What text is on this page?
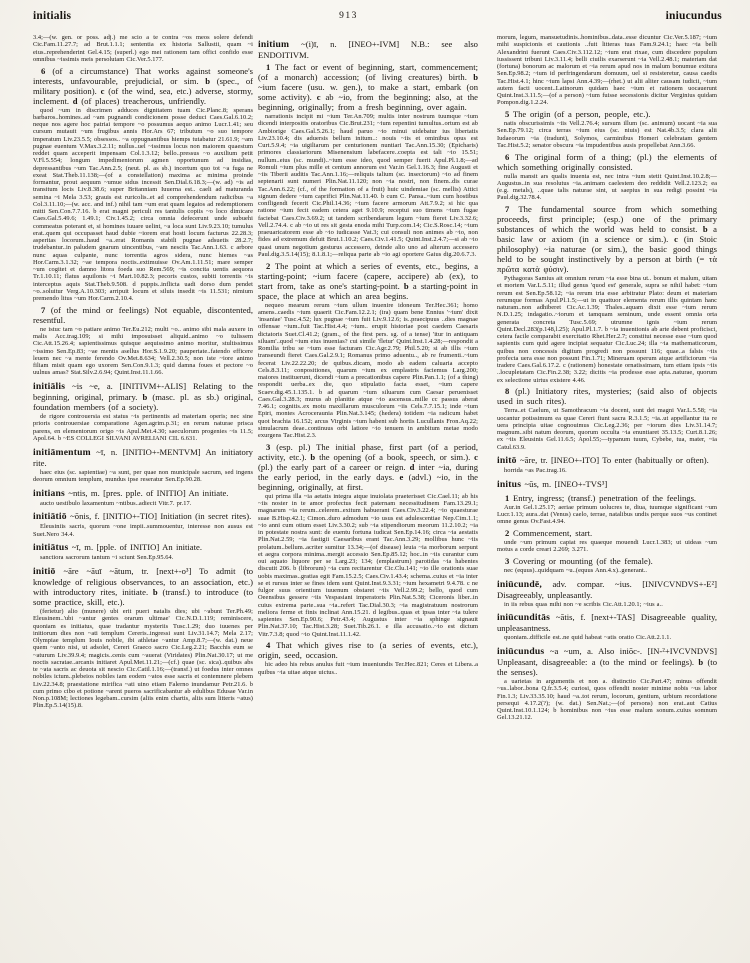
initialis	913	iniucundus

3.4;—(w. gen. or poss. adj.) me scio a te contra ~os meos solere defendi Cic.Fam.11.27.7; ad Brut.1.1.1; sententia ex historia Sallustii, quam ~i eius..reprehenderint Gel.4.15; (superl.) ego mei rationem tam offici confido esse omnibus ~issimis meis persolutam Cic.Ver.5.177.

6 (of a circumstance) That works against someone's interests, unfavourable, prejudicial, or sim. b (spec., of military position). c (of the wind, sea, etc.) adverse, stormy, inclement. d (of places) treacherous, unfriendly.

quod ~um in discrimen adduces dignitatem tuam Cic.Planc.8; sperans barbaros..homines..ad ~am pugnandi condicionem posse deduci Caes.Gal.6.10.2; neque nos agere hoc patriai tempore ~o possumus aequo animo Lucr.1.41; seu cursum mutauit ~um frugibus annis Hor.Ars 67; tributum ~o suo tempore imperatum Liv.23.5.5; obsessos.. ~a oppugnantibus hiemps tutabatur 21.61.9; ~am pugnae euentum V.Max.3.2.11; nullus..uel ~issimus locus non maiorem quaestum reddet quam acceperit impensam Col.1.3.12; bello..pressus ~o auxilium petit V.Fl.5.554; longum impedimentorum agmen opportunum ad insidias, depressantibus ~um Tac.Ann.2.5; (neut. pl. as sb.) incertum quo tot ~a fuga ne exeat Stat.Theb.11.138;—(of a constellation) maxima ac minima proinde formantur, prout aequum ~umue sidus incessit Sen.Dial.6.18.3;—(w. ad) ~is ad transitum locis Liv.8.38.6; super Britanniam Iuuerna est.. caeli ad maturanda semina ~i Mela 3.53; grauis est ruricolis..et ad comprehendendum radicibus ~a Col.3.11.10;—(w. acc. and inf.) nihil tam ~um erat quam legatos ad redemptionem mitti Sen.Con.7.7.16. b erat magni periculi res tantulis copiis ~o loco dimicare Caes.Gal.5.49.6; 1.49.1; Civ.1.45.2; circa omnia defecerunt unde subuehi commeatus poterant et, si homines iuuare uelint, ~a loca sunt Liv.9.23.10; tumulus erat..quem qui occupasset haud dubie ~iorem erat hosti locum facturus 22.28.3; asperitas locorum..haud ~a..erat Romanis stabili pugnae adsuetis 28.2.7; trudebantur..in paludem gnarum uincentibus, ~am nesciis Tac.Ann.1.63. c arbore nunc aquas culpante, nunc torrentia agros sidera, nunc hiemes ~as Hor.Carm.3.1.32; ~ae tempora noctis..extimuisse Ov.Am.1.11.51; mare semper ~um cogitet et damno litora foeda suo Rem.569; ~is concita uentis aequora Tr.1.10.11; flatus aquilonis ~i Mart.10.82.3; pecoris custos, subiti torrentis ~is interceptus aquis Stat.Theb.9.508. d puppis..inflicta uadi dorso dum pendet ~o..soluitur Verg.A.10.303; arripuit locum et siluis insedit ~is 11.531; nimium premendo litus ~um Hor.Carm.2.10.4.

7 (of the mind or feelings) Not equable, discontented, resentful.

ne istuc tam ~o patiare animo Ter.Eu.212; multi ~o.. animo sibi mala auxere in malis Acc.trag.109; si mihi imposuisset aliquid..animo ~o tulissem Cic.Att.15.26.4; sapientissimus quisque aequissimo animo moritur, stultissimus ~issimo Sen.Ep.83; ~ae mentis asellus Hor.S.1.9.20; paupertate..fatendo efficere leuem nec ~a mente ferendo Ov.Met.8.634; Vell.2.30.5; non iste ~iore animo filiam misit quam ego uxorem Sen.Con.9.1.3; quid damna foues et pectore ~o uulnus amas? Stat.Silv.2.6.94; Quint.Inst.11.1.66.

initiālis ~is ~e, a. [INITIVM+-ALIS] Relating to the beginning, original, primary. b (masc. pl. as sb.) original, foundation members (of a society).

de rigore controuersia est status ~is pertinentis ad materiam operis; nec sine prioris controuersiae comparatione Agen.agrim.p.31; en rerum naturae prisca parens, en elementorum origo ~is Apul.Met.4.30; saeculorum progenies ~is 11.5; Apol.64. b ~ES COLLEGI SILVANI AVRELIANI CIL 6.631.

initiāmentum ~ī, n. [INITIO+-MENTVM] An initiatory rite.

haec eius (sc. sapientiae) ~a sunt, per quae non municipale sacrum, sed ingens deorum omnium templum, mundus ipse reseratur Sen.Ep.90.28.

initians ~ntis, m. [pres. pple. of INITIO] An initiate.

aucto uestibulo laxamentum ~ntibus..adiecit Vitr.7. pr.17.

initiātiō ~ōnis, f. [INITIO+-TIO] Initiation (in secret rites).

Eleusiniis sacris, quorum ~one impii..summouentur, interesse non ausus est Suet.Nero 34.4.

initiātus ~ī, m. [pple. of INITIO] An initiate.

sanctiora sacrorum tantum ~i sciunt Sen.Ep.95.64.

initiō ~āre ~āuī ~ātum, tr. [next+-o³] To admit (to knowledge of religious observances, to an association, etc.) with introductory rites, initiate. b (transf.) to introduce (to some practice, skill, etc.).

(ferietur) alio (munere) ubi erit pueri natalis dies; ubi ~abunt Ter.Ph.49; Eleusinem..'ubi ~antur gentes orarum ultimae' Cic.N.D.1.119; reminiscere, quoniam es initiatus, quae tradantur mysteriis Tusc.1.29; duo iuuenes per initiorum dies non ~ati templum Cereris..ingressi sunt Liv.31.14.7; Mela 2.17; Olympiae templum Iouis nobile, ibi athletae ~antur Amp.8.7;—(w. dat.) neue quem ~anto nisi, ut adsolet, Cereri Graeco sacro Cic.Leg.2.21; Bacchis eum se ~aturum Liv.39.9.4; magicis..cenis cum ~auerat (Viridates) Plin.Nat.30.17; ut me noctis sacratae..arcanis initiaret Apul.Met.11.21;—(cf.) quae (sc. sica)..quibus abs te ~ata sacris ac deuota sit nescio Cic.Catil.1.16;—(transf.) ut foedus inter omnes nobiles ictum..plebeios nobiles iam eodem ~atos esse sacris et contemnere plebem Liv.22.34.8; praestatione mirifica ~ati uino etiam Falerno inundamur Petr.21.6. b cum primo cibo et potione ~arent pueros sacrificabantur ab edulibus Edusae Var.in Non.p.108M; lectiones legebam..cursim (aliis enim chartis, aliis sum litteris ~atus) Plin.Ep.5.14(15).8.

initium ~(i)ī, n. [INEO+-IVM] N.B.: see also ENDOITIVM.

1 The fact or event of beginning, start, commencement; (of a monarch) accession; (of living creatures) birth. b ~ium facere (usu. w. gen.), to make a start, embark (on some activity). c ab ~io, from the beginning; also, at the beginning, originally; from a fresh beginning, over again.

narrationis incipit mi ~ium Ter.An.709; multis inter nostrum tuumque ~ium dicendi interpositis oratoribus Cic.Brut.231; ~ium repentini tumultus..ortum est ab Ambiorige Caes.Gal.5.26.1; haud paruo ~io minui uidebatur ius libertatis Liv.23.10.4; dis aduersis bellum initum..: nouis ~iis et ominibus opus est Curt.5.9.4; ~ia uigiliarum per centurionem nuntiari Tac.Ann.15.30; (Epicharis) primores classiariorum Misenensium labefacere..coepta est tali ~io 15.51; nullum..eius (sc. mundi)..~ium esse ideo, quod semper fuerit Apul.Pl.1.8;—ad Romuli ~ium plus mille et centum annorum est Var.in Gel.1.16.3; fine Augusti et ~iis Tiberii auditis Tac.Ann.1.16;—reliquis talium (sc. insectorum) ~io ad finem septenarii sunt numeri Plin.Nat.11.120; non ~ia nostri, non finem..dis curae Tac.Ann.6.22; (cf., of the formation of a fruit) huic uindemiae (sc. mellis) Attici signum dedere ~ium caprifici Plin.Nat.11.40. b cum C. Pansa..~ium cum hostibus confligendi fecerit Cic.Phil.14.36; ~ium facere armorum Att.7.9.2; si hic qua ratione ~ium fecit eadem cetera aget 9.10.9; receptui suo timens ~ium fugae faciebat Caes.Civ.3.69.2; ut tandem scribendarum legum ~ium fieret Liv.3.32.6; Vell.2.74.4. c ab ~io ut res sit gesta enoda mihi Turp.com.14; Cic.S.Rosc.14; ~ium praeuaricatorem esse ab ~io iudicasse Vat.3; cui consuli non animes ab ~io, non fides ad extremum defuit Brut.1.10.2; Caes.Civ.1.41.5; Quint.Inst.2.4.7;—si ab ~io quasi unum negotium gesturus accessero, deinde alio uno ad alterum accessero Paul.dig.3.5.14(15); 8.1.8.1;—reliqua parte ab ~io agi oportere Gaius dig.20.6.7.3.

2 The point at which a series of events, etc., begins, a starting-point; ~ium facere (capere, accipere) ab (ex), to start from, take as one's starting-point. b a starting-point in space, the place at which an area begins.

nequeo mearum rerum ~ium ullum inuenire idoneum Ter.Hec.361; homo amens..caedis ~ium quaerit Cic.Fam.12.2.1; (ira) quam bene Ennius '~ium' dixit 'insaniae' Tusc.4.52; lux pugnae ~ium fuit Liv.9.12.6; is..praecipuus ..dies magnae offensae ~ium..fuit Tac.Hist.4.4; ~ium.. erupit historiae post caedem Caesaris dictatoris Suet.Cl.41.2; (gram., of the first pers. sg. of a tense) 'itur in antiquam siluam'..quod ~ium eius inuenias? cui simile 'fletur' Quint.Inst.1.4.28;—respondit a Romilia tribu se ~ium esse facturam Cic.Agr.2.79; Phil.5.20; si ab illis ~ium transeundi fieret Caes.Gal.2.9.1; Romanus primo aduentu.., ab re frumenti..~ium fecerat Liv.22.22.20; de quibus..dicam, modo ab eadem caluaria accepto Cels.8.3.11; conpositiones, quarum ~ium ex emplastris faciemus Larg.200; maiores instituerunt, dicendi ~ium a precationibus capere Plin.Pan.1.1; (of a thing) respondit uerba..ex die, quo stipulatio facta esset, ~ium capere Scaev.dig.45.1.135.1. b ad quarum ~ium siluarum cum Caesar peruenisset Caes.Gal.3.28.3; murus ab planitie atque ~io ascensus..mille cc passus aberat 7.46.1; cognitis..ex motu maxillarum musculorum ~iis Cels.7.7.15.1; inde ~ium Epiri, montes Acroceraunia Plin.Nat.3.145; (hedera) totidem ~ia radicum habet quot brachia 16.152; arcus Virginis ~ium habent sub hortis Lucullanis Fron.Aq.22; simulacrum deae..continuus orbi latiore ~io tenuem in ambitum metae modo exurgens Tac.Hist.2.3.

3 (esp. pl.) The initial phase, first part (of a period, activity, etc.). b the opening (of a book, speech, or sim.). c (pl.) the early part of a career or reign. d inter ~ia, during the early period, in the early days. e (advl.) ~io, in the beginning, originally, at first.

qui prima illa ~ia aetatis integra atque inuiolata praeterisset Cic.Cael.11; ab his ~iis noster in te amor profectus fecit paternam necessitudinem Fam.13.29.1; magnarum ~ia rerum..celerem..exitum habuerant Caes.Civ.3.22.4; ~io quaesturae suae B.Hisp.42.1; Cimon..duro admodum ~io usus est adulescentiae Nep.Cim.1.1; ~io anni cum otium esset Liv.3.30.2; sub ~ia stipendiorum meorum 11.2.10.2; ~ia in potestate nostra sunt: de euentu fortuna iudicat Sen.Ep.14.16; circa ~ia aestatis Plin.Nat.2.59; ~ia fastigii Caesaribus erant Tac.Ann.3.29; mollibus hunc ~iis prolatum..bellum..acriter sumitur 13.34;—(of disease) leuia ~ia morborum serpunt et aegra corpora minima..mergit accessio Sen.Ep.85.12; hoc..in ~iis curantur cum oui aquato liquore per se Larg.23; 134; (emplastrum) parotidas ~ia habentes discutit 206. b (librorum) ~ia cum recitarentur Cic.Clu.141; ~io ille orationis suae uobis maximas..gratias egit Fam.15.2.5; Caes.Civ.1.43.4; schema..cuius et ~ia inter se et rursus inter se fines idem sunt Quint.Inst.9.3.31; ~ium hexametri 9.4.78. c ne fulgor suus orientium iuuenum obstaret ~iis Vell.2.99.2; bello, quod cum Oeensibus gessere ~iis Vespasiani imperatoris Plin.Nat.5.38; Ciceronis liber..in cuius extrema parte..sua ~ia..refert Tac.Dial.30.3; ~ia magistratuum nostrorum meliora ferme et finis inclinat Ann.15.21. d legibus..quas et ipsas inter ~ia tulere sapientes Sen.Ep.90.6; Petr.43.4; Augustus inter ~ia sphinge signauit Plin.Nat.37.10; Tac.Hist.3.28; Suet.Tib.26.1. e illa accusatio..~io est dictum Vitr.7.3.8; quod ~io Quint.Inst.11.1.42.

4 That which gives rise to (a series of events, etc.), origin, seed, occasion.

hic adeo his rebus anulus fuit ~ium inueniundis Ter.Hec.821; Ceres et Libera..a quibus ~ia uitae atque uictus..

morum, legum, mansuetudinis..hominibus..data..esse dicuntur Cic.Ver.5.187; ~ium mihi suspicionis et cautionis ..fuit litteras tuas Fam.9.24.1; haec ~ia belli Alexandrini fuerunt Caes.Civ.3.112.12; ~ium erat rixae, cum discedere populum iussissent tribuni Liv.3.11.4; belli ciuilis exarserunt ~ia Vell.2.48.1; materiam dat (fortuna) bonorum ac malorum et ~ia rerum apud nos in malum bonumue exitura Sen.Ep.98.2; ~ium id perfringendarum domuum, uel si resisteretur, causa caedis Tac.Hist.4.1; hinc ~ium lapsi Ann.4.39;—(rhet.) ut alii aliter causam iudicii, ~ium autem facti uocent..Latinorum quidam haec ~ium et rationem uocauerunt Quint.Inst.3.11.5;—(of a person) ~ium fuisse secessionis dicitur Verginius quidam Pompon.dig.1.2.24.

5 The origin (of a person, people, etc.).

natis obscurissimis ~iis Vell.2.76.4; sursum illum (sc. animum) uocant ~ia sua Sen.Ep.79.12; circa terras ~ium eius (sc. niuis) est Nat.4b.3.5; clara alii Iudaeorum ~ia (tradunt), Solymos, carminibus Homeri celebratam gentem Tac.Hist.5.2; senator obscura ~ia impudentibus ausis propellebat Ann.3.66.

6 The original form of a thing; (pl.) the elements of which something originally consisted.

nulla mansit ars qualis inuenta est, nec intra ~ium stetit Quint.Inst.10.2.8;—Augustus..in sua resolutus ~ia..animam caelestem deo reddidit Vell.2.123.2; ea (e.g. metals), ..quae talis naturae sint, ut saepius in sua redigi possint ~ia Paul.dig.32.78.4.

7 The fundamental source from which something proceeds, first principle; (esp.) one of the primary substances of which the world was held to consist. b a basic law or axiom (in a science or sim.). c (in Stoic philosophy) ~ia naturae (or sim.), the basic good things held to be sought instinctively by a person at birth (= τὰ πρῶτα κατὰ φύσιν).

Pythagoras Samius ait omnium rerum ~ia esse bina ut.. bonum et malum, uitam et mortem Var.L.5.11; illud genus 'quod est' generale, supra se nihil habet: ~ium rerum est Sen.Ep.58.12; ~ia rerum tria esse arbitratur Plato: deum et materiam rerumque formas Apul.Pl.1.5;—ut in quattuor elementa rerum illis quintam hanc naturam..non adhiberet Cic.Ac.1.39; Thales..aquam dixit esse ~ium rerum N.D.1.25; indagatio..~iorum et tamquam seminum, unde essent omnia orta generata concreta Tusc.5.69; utrumne ignis ~ium rerum Quint.Decl.283(p.148,l.25); Apul.Pl.1.7. b ~ia inuentionis ab arte debent proficisci, cetera facile comparabit exercitatio Rhet.Her.2.7; constitui necesse esse ~ium quod sapientis cum quid agere incipiat sequatur Cic.Luc.24; illa ~ia mathematicorum, quibus non concessis digitum progredi non possunt 116; quae..a falsis ~iis profecta uera esse non possunt Fin.1.71; Mineruam operum atque artificiorum ~ia tradere Caes.Gal.6.17.2. c (rationem) honestate ornatissimam, tum etiam ipsis ~iis ..locupletatam Cic.Fin.2.38; 3.22; dicitis ~ia prodesse esse apta..naturae, quorum ex selectione uirtus existere 4.46.

8 (pl.) Initiatory rites, mysteries; (said also of objects used in such rites).

Terra..et Caelum, ut Samothracum ~ia docent, sunt dei magni Var.L.5.58; ~ia uocantur potissimum ea quae Cereri fiunt sacra R.3.1.5; ~ia..ut appellantur ita re uera principia uitae cognouimus Cic.Leg.2.36; per ~iorum dies Liv.31.14.7; magnum..sibi natum deorum, quorum occulta ~ia enuntiaret 35.13.5; Curt.8.1.26; ex ~iis Eleusinis Gel.11.6.5; Apol.55;—typanum tuum, Cybebe, tua, mater, ~ia Catul.63.9.

initō ~āre, tr. [INEO+-ITO] To enter (habitually or often).

horrida ~as Pac.trag.16.

initus ~ūs, m. [INEO+-TVS³]

1 Entry, ingress; (transf.) penetration of the feelings.

Aur.in Gel.1.25.17; aeriae primum uolucres te, diua, tuumque significant ~um Lucr.1.13; aura..dat (Venus) caelo, terrae, natalibus undis perque suos ~us continet omne genus Ov.Fast.4.94.

2 Commencement, start.

unde ~um primum capiat res quaeque mouendi Lucr.1.383; ut uideas ~um motus a corde creari 2.269; 3.271.

3 Covering or mounting (of the female).

nec (equus)..quidquam ~u..(equus Ann.4.x)..generant..

iniūcundē, adv. compar. ~ius. [INIVCVNDVS+-E²] Disagreeably, unpleasantly.

in iis rebus quas mihi non ~e scribis Cic.Att.1.20.1; ~ius a..

iniūcunditās ~ātis, f. [next+-TAS] Disagreeable quality, unpleasantness.

quoniam..difficile est..ne quid habeat ~atis oratio Cic.Att.2.1.1.

iniūcundus ~a ~um, a. Also iniōc-. [IN-²+IVCVNDVS] Unpleasant, disagreeable: a (to the mind or feelings). b (to the senses).

a uarietas in argumentis et non a. distinctio Cic.Part.47; minus offendit ~us..labor..bona Q.fr.3.5.4; curiosi, quos offendit noster minime nobis ~us labor Fin.1.3; Liv.33.35.10; haud ~a..tot rerum, locorum, gentium, urbium recordatione persequi 4.17.2(?); (w. dat.) Sen.Nat.;—(of persons) non erat..aut Catius Quint.Inst.10.1.124; b hominibus non ~ius esse malum sonum..cuius somnum Gel.13.21.12.
